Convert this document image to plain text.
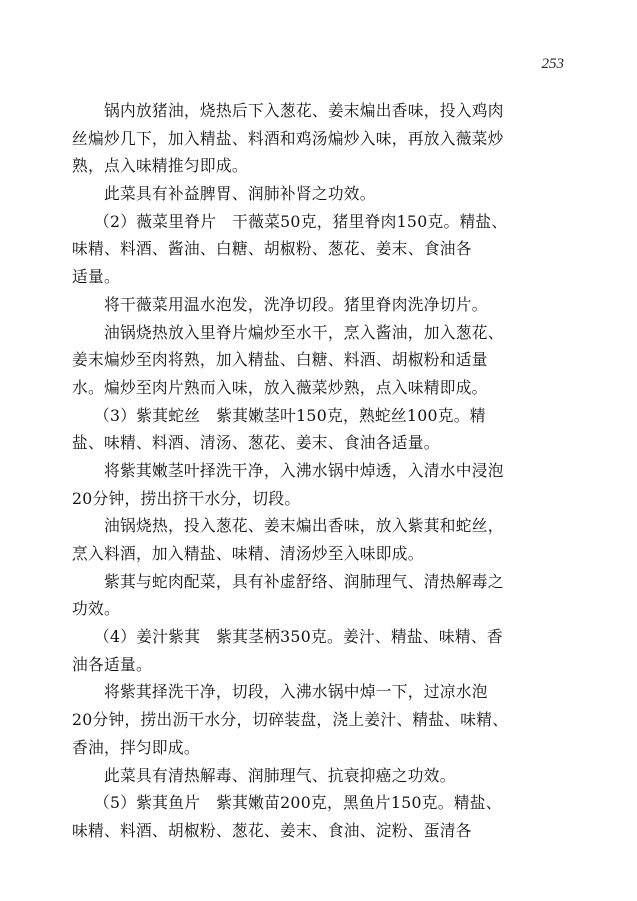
253
锅内放猪油，烧热后下入葱花、姜末煸出香味，投入鸡肉
丝煸炒几下，加入精盐、料酒和鸡汤煸炒入味，再放入薇菜炒
熟，点入味精推匀即成。
此菜具有补益脾胃、润肺补肾之功效。
（2）薇菜里脊片　干薇菜50克，猪里脊肉150克。精盐、
味精、料酒、酱油、白糖、胡椒粉、葱花、姜末、食油各
适量。
将干薇菜用温水泡发，洗净切段。猪里脊肉洗净切片。
油锅烧热放入里脊片煸炒至水干，烹入酱油，加入葱花、
姜末煸炒至肉将熟，加入精盐、白糖、料酒、胡椒粉和适量
水。煸炒至肉片熟而入味，放入薇菜炒熟，点入味精即成。
（3）紫萁蛇丝　紫萁嫩茎叶150克，熟蛇丝100克。精
盐、味精、料酒、清汤、葱花、姜末、食油各适量。
将紫萁嫩茎叶择洗干净，入沸水锅中焯透，入清水中浸泡
20分钟，捞出挤干水分，切段。
油锅烧热，投入葱花、姜末煸出香味，放入紫萁和蛇丝，
烹入料酒，加入精盐、味精、清汤炒至入味即成。
紫萁与蛇肉配菜，具有补虚舒络、润肺理气、清热解毒之
功效。
（4）姜汁紫萁　紫萁茎柄350克。姜汁、精盐、味精、香
油各适量。
将紫萁择洗干净，切段，入沸水锅中焯一下，过凉水泡
20分钟，捞出沥干水分，切碎装盘，浇上姜汁、精盐、味精、
香油，拌匀即成。
此菜具有清热解毒、润肺理气、抗衰抑癌之功效。
（5）紫萁鱼片　紫萁嫩苗200克，黑鱼片150克。精盐、
味精、料酒、胡椒粉、葱花、姜末、食油、淀粉、蛋清各
